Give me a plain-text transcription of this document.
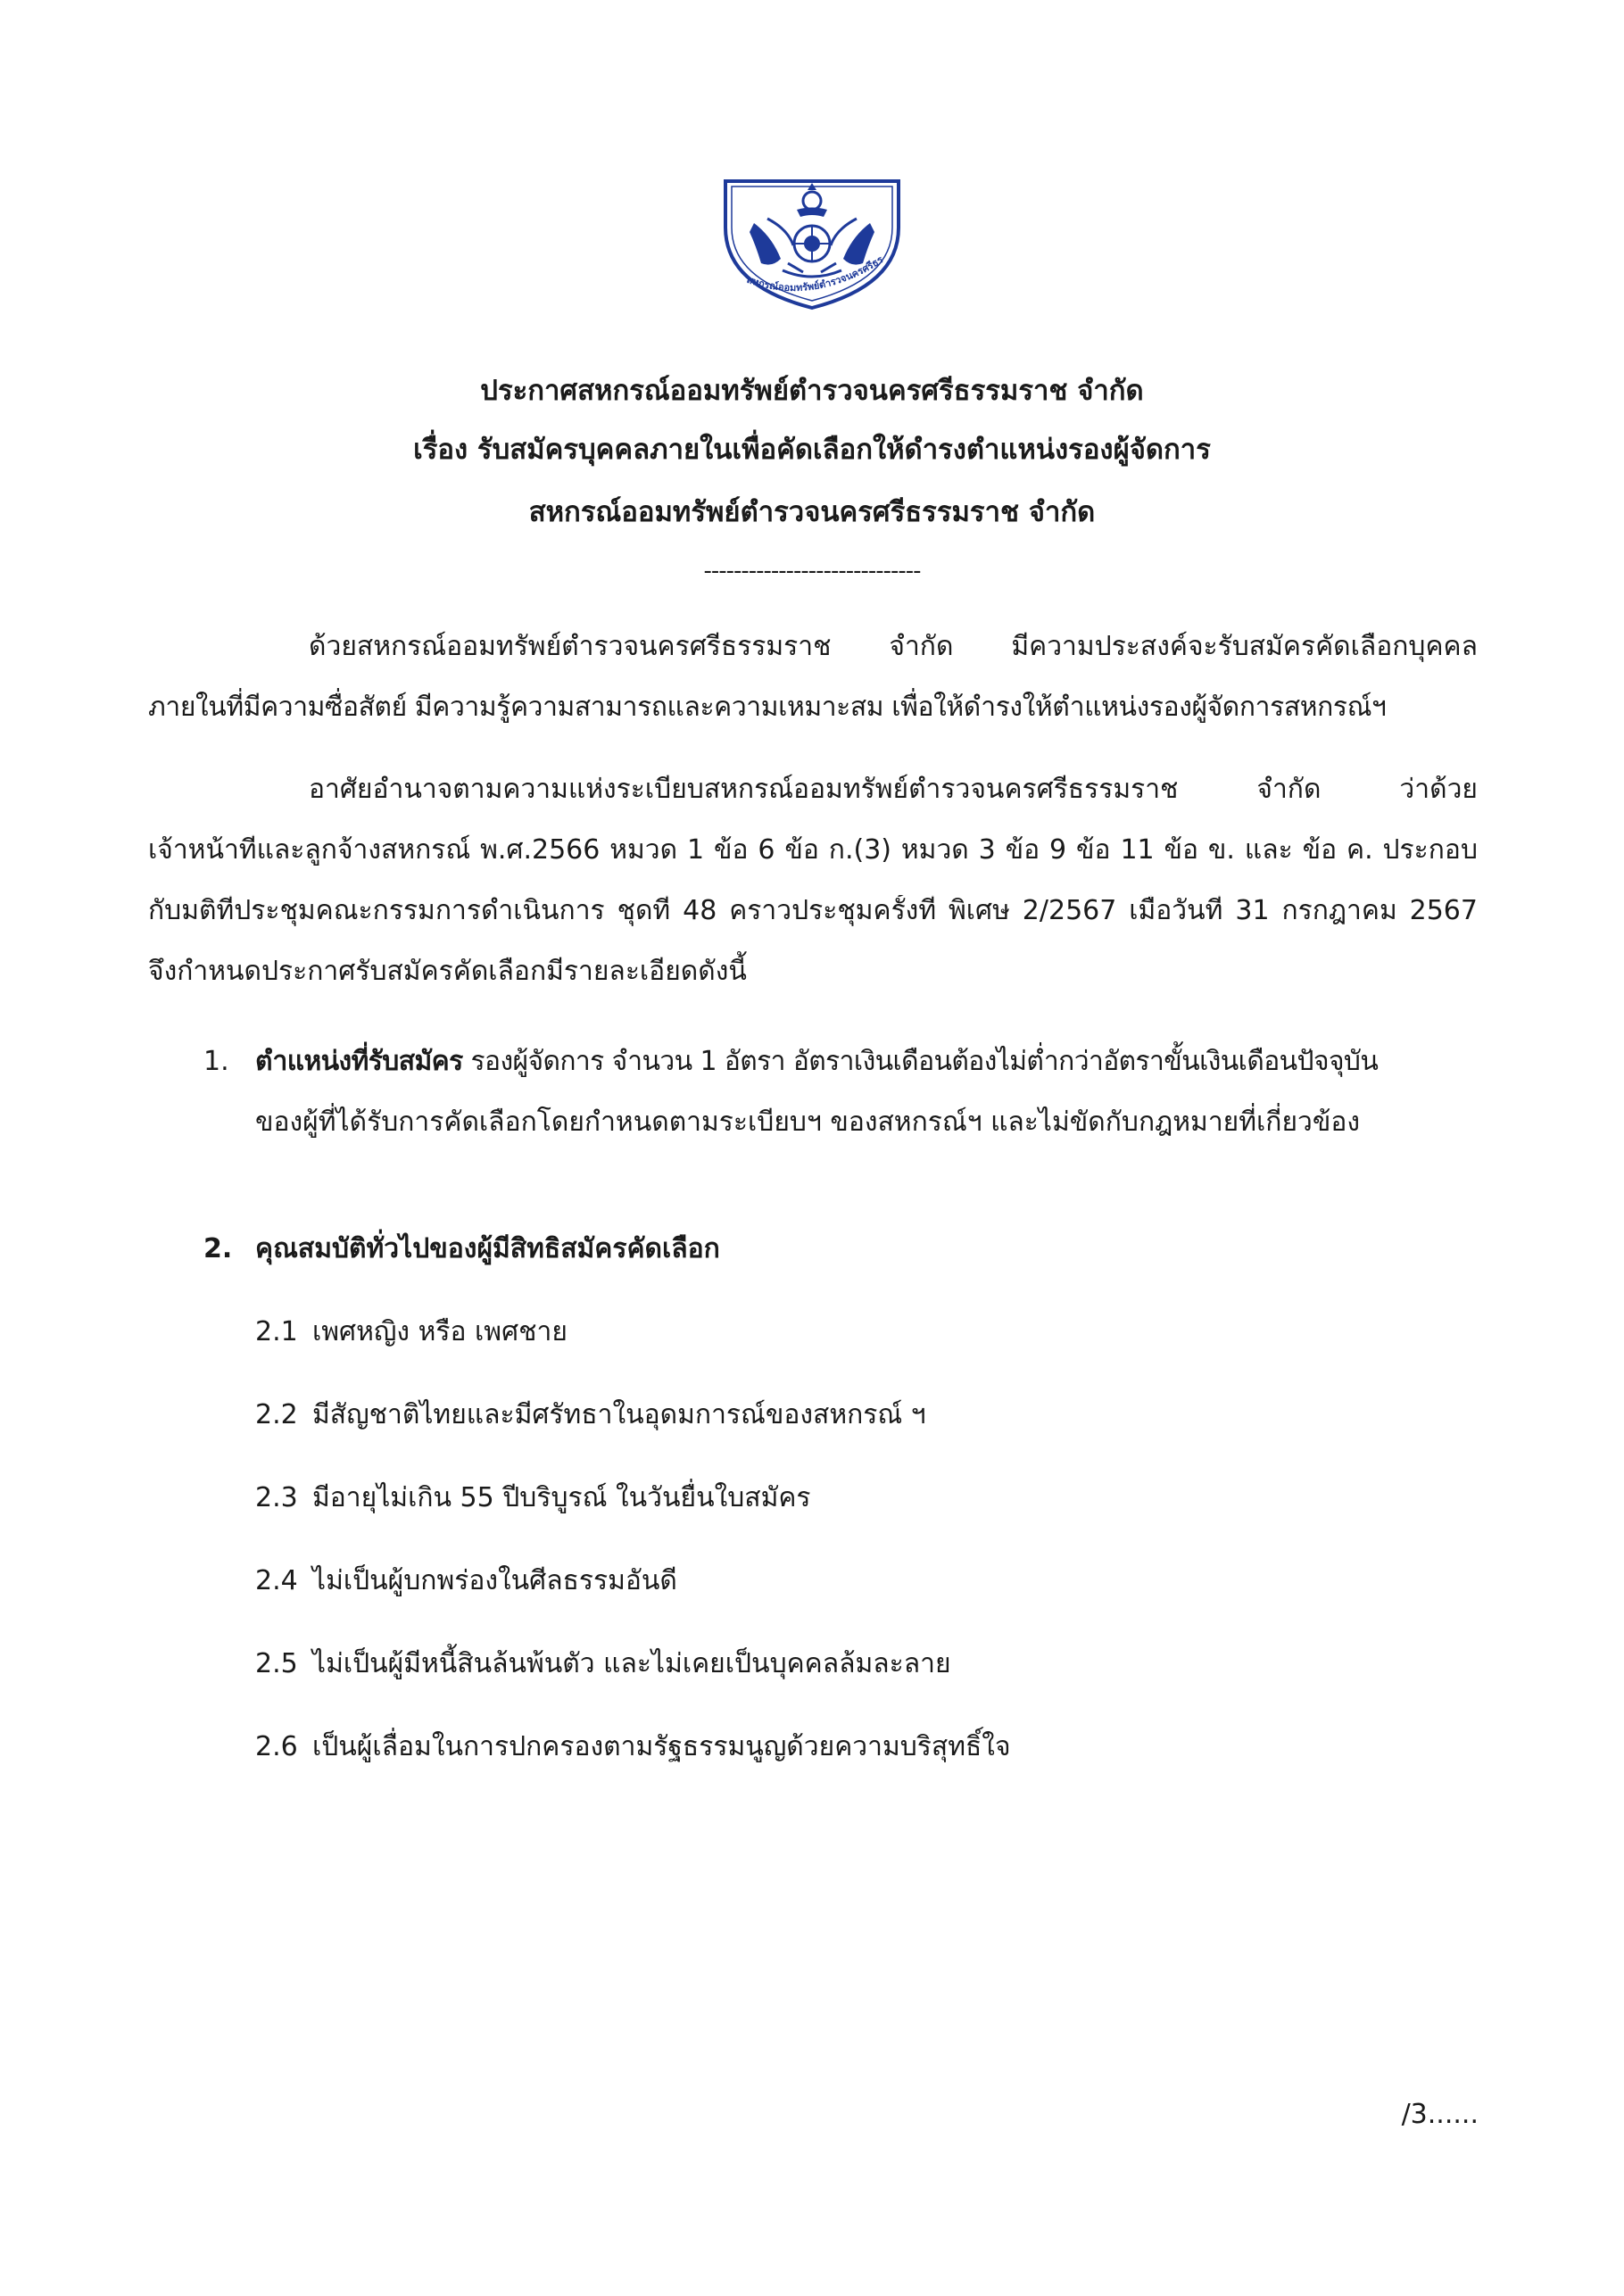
สหกรณ์ออมทรัพย์ตำรวจนครศรีธร
ประกาศสหกรณ์ออมทรัพย์ตำรวจนครศรีธรรมราช จำกัด
เรื่อง รับสมัครบุคคลภายในเพื่อคัดเลือกให้ดำรงตำแหน่งรองผู้จัดการ
สหกรณ์ออมทรัพย์ตำรวจนครศรีธรรมราช จำกัด
-----------------------------
ด้วยสหกรณ์ออมทรัพย์ตำรวจนครศรีธรรมราช จำกัด มีความประสงค์จะรับสมัครคัดเลือกบุคคล
ภายในที่มีความซื่อสัตย์ มีความรู้ความสามารถและความเหมาะสม เพื่อให้ดำรงให้ตำแหน่งรองผู้จัดการสหกรณ์ฯ
อาศัยอำนาจตามความแห่งระเบียบสหกรณ์ออมทรัพย์ตำรวจนครศรีธรรมราช จำกัด ว่าด้วย
เจ้าหน้าที่และลูกจ้างสหกรณ์ พ.ศ.2566 หมวด 1 ข้อ 6 ข้อ ก.(3) หมวด 3 ข้อ 9 ข้อ 11 ข้อ ข. และ ข้อ ค. ประกอบ
กับมติที่ประชุมคณะกรรมการดำเนินการ ชุดที่ 48 คราวประชุมครั้งที่ พิเศษ 2/2567 เมื่อวันที่ 31 กรกฎาคม 2567
จึงกำหนดประกาศรับสมัครคัดเลือกมีรายละเอียดดังนี้
1. ตำแหน่งที่รับสมัคร รองผู้จัดการ จำนวน 1 อัตรา อัตราเงินเดือนต้องไม่ต่ำกว่าอัตราขั้นเงินเดือนปัจจุบัน
ของผู้ที่ได้รับการคัดเลือกโดยกำหนดตามระเบียบฯ ของสหกรณ์ฯ และไม่ขัดกับกฎหมายที่เกี่ยวข้อง
2. คุณสมบัติทั่วไปของผู้มีสิทธิสมัครคัดเลือก
2.1 เพศหญิง หรือ เพศชาย
2.2 มีสัญชาติไทยและมีศรัทธาในอุดมการณ์ของสหกรณ์ ฯ
2.3 มีอายุไม่เกิน 55 ปีบริบูรณ์ ในวันยื่นใบสมัคร
2.4 ไม่เป็นผู้บกพร่องในศีลธรรมอันดี
2.5 ไม่เป็นผู้มีหนี้สินล้นพ้นตัว และไม่เคยเป็นบุคคลล้มละลาย
2.6 เป็นผู้เลื่อมในการปกครองตามรัฐธรรมนูญด้วยความบริสุทธิ์ใจ
/3......
